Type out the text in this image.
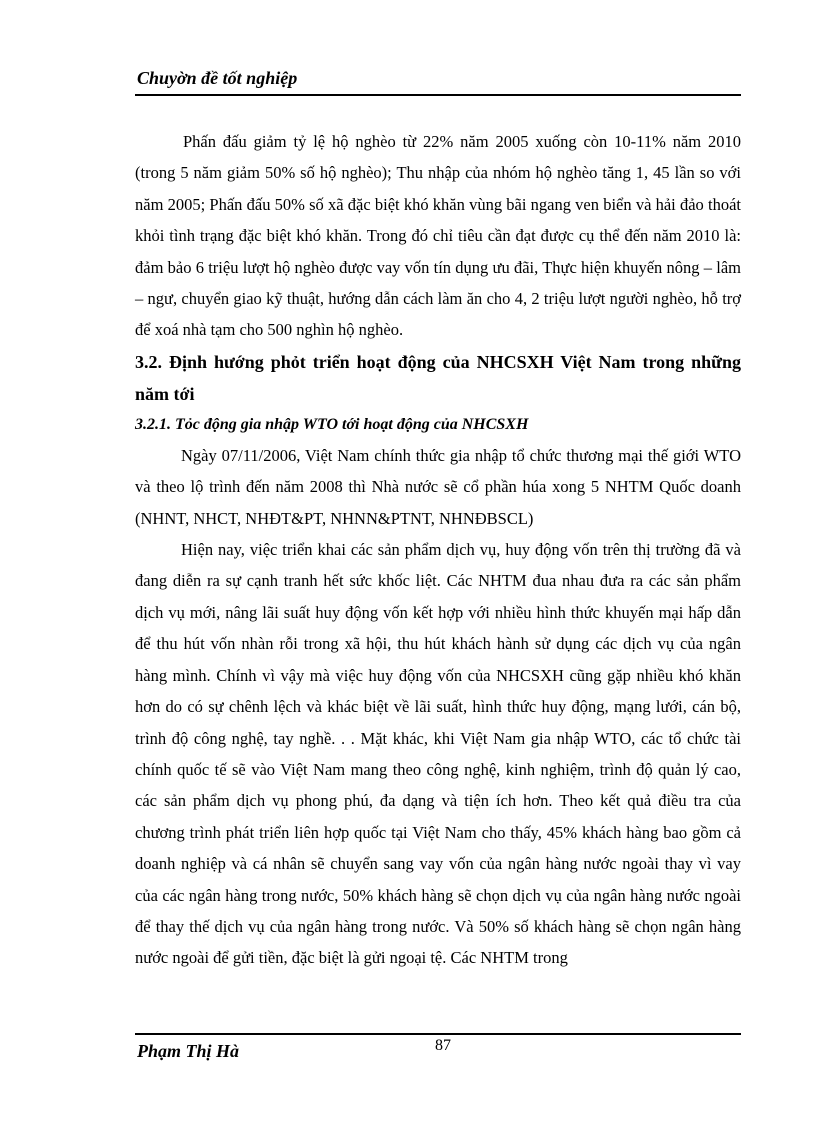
Chuyờn đề tốt nghiệp

Phấn đấu giảm tỷ lệ hộ nghèo từ 22% năm 2005 xuống còn 10-11% năm 2010 (trong 5 năm giảm 50% số hộ nghèo); Thu nhập của nhóm hộ nghèo tăng 1, 45 lần so với năm 2005; Phấn đấu 50% số xã đặc biệt khó khăn vùng bãi ngang ven biển và hải đảo thoát khỏi tình trạng đặc biệt khó khăn. Trong đó chỉ tiêu cần đạt được cụ thể đến năm 2010 là: đảm bảo 6 triệu lượt hộ nghèo được vay vốn tín dụng ưu đãi, Thực hiện khuyến nông – lâm – ngư, chuyển giao kỹ thuật, hướng dẫn cách làm ăn cho 4, 2 triệu lượt người nghèo, hỗ trợ để xoá nhà tạm cho 500 nghìn hộ nghèo.

3.2. Định hướng phỏt triển hoạt động của NHCSXH Việt Nam trong những năm tới

3.2.1. Tỏc động gia nhập WTO tới hoạt động của NHCSXH

Ngày 07/11/2006, Việt Nam chính thức gia nhập tổ chức thương mại thế giới WTO và theo lộ trình đến năm 2008 thì Nhà nước sẽ cổ phần húa xong 5 NHTM Quốc doanh (NHNT, NHCT, NHĐT&PT, NHNN&PTNT, NHNĐBSCL)

Hiện nay, việc triển khai các sản phẩm dịch vụ, huy động vốn trên thị trường đã và đang diễn ra sự cạnh tranh hết sức khốc liệt. Các NHTM đua nhau đưa ra các sản phẩm dịch vụ mới, nâng lãi suất huy động vốn kết hợp với nhiều hình thức khuyến mại hấp dẫn để thu hút vốn nhàn rỗi trong xã hội, thu hút khách hành sử dụng các dịch vụ của ngân hàng mình. Chính vì vậy mà việc huy động vốn của NHCSXH cũng gặp nhiều khó khăn hơn do có sự chênh lệch và khác biệt về lãi suất, hình thức huy động, mạng lưới, cán bộ, trình độ công nghệ, tay nghề. . . Mặt khác, khi Việt Nam gia nhập WTO, các tổ chức tài chính quốc tế sẽ vào Việt Nam mang theo công nghệ, kinh nghiệm, trình độ quản lý cao, các sản phẩm dịch vụ phong phú, đa dạng và tiện ích hơn. Theo kết quả điều tra của chương trình phát triển liên hợp quốc tại Việt Nam cho thấy, 45% khách hàng bao gồm cả doanh nghiệp và cá nhân sẽ chuyển sang vay vốn của ngân hàng nước ngoài thay vì vay của các ngân hàng trong nước, 50% khách hàng sẽ chọn dịch vụ của ngân hàng nước ngoài để thay thế dịch vụ của ngân hàng trong nước. Và 50% số khách hàng sẽ chọn ngân hàng nước ngoài để gửi tiền, đặc biệt là gửi ngoại tệ. Các NHTM trong

Phạm Thị Hà	87
